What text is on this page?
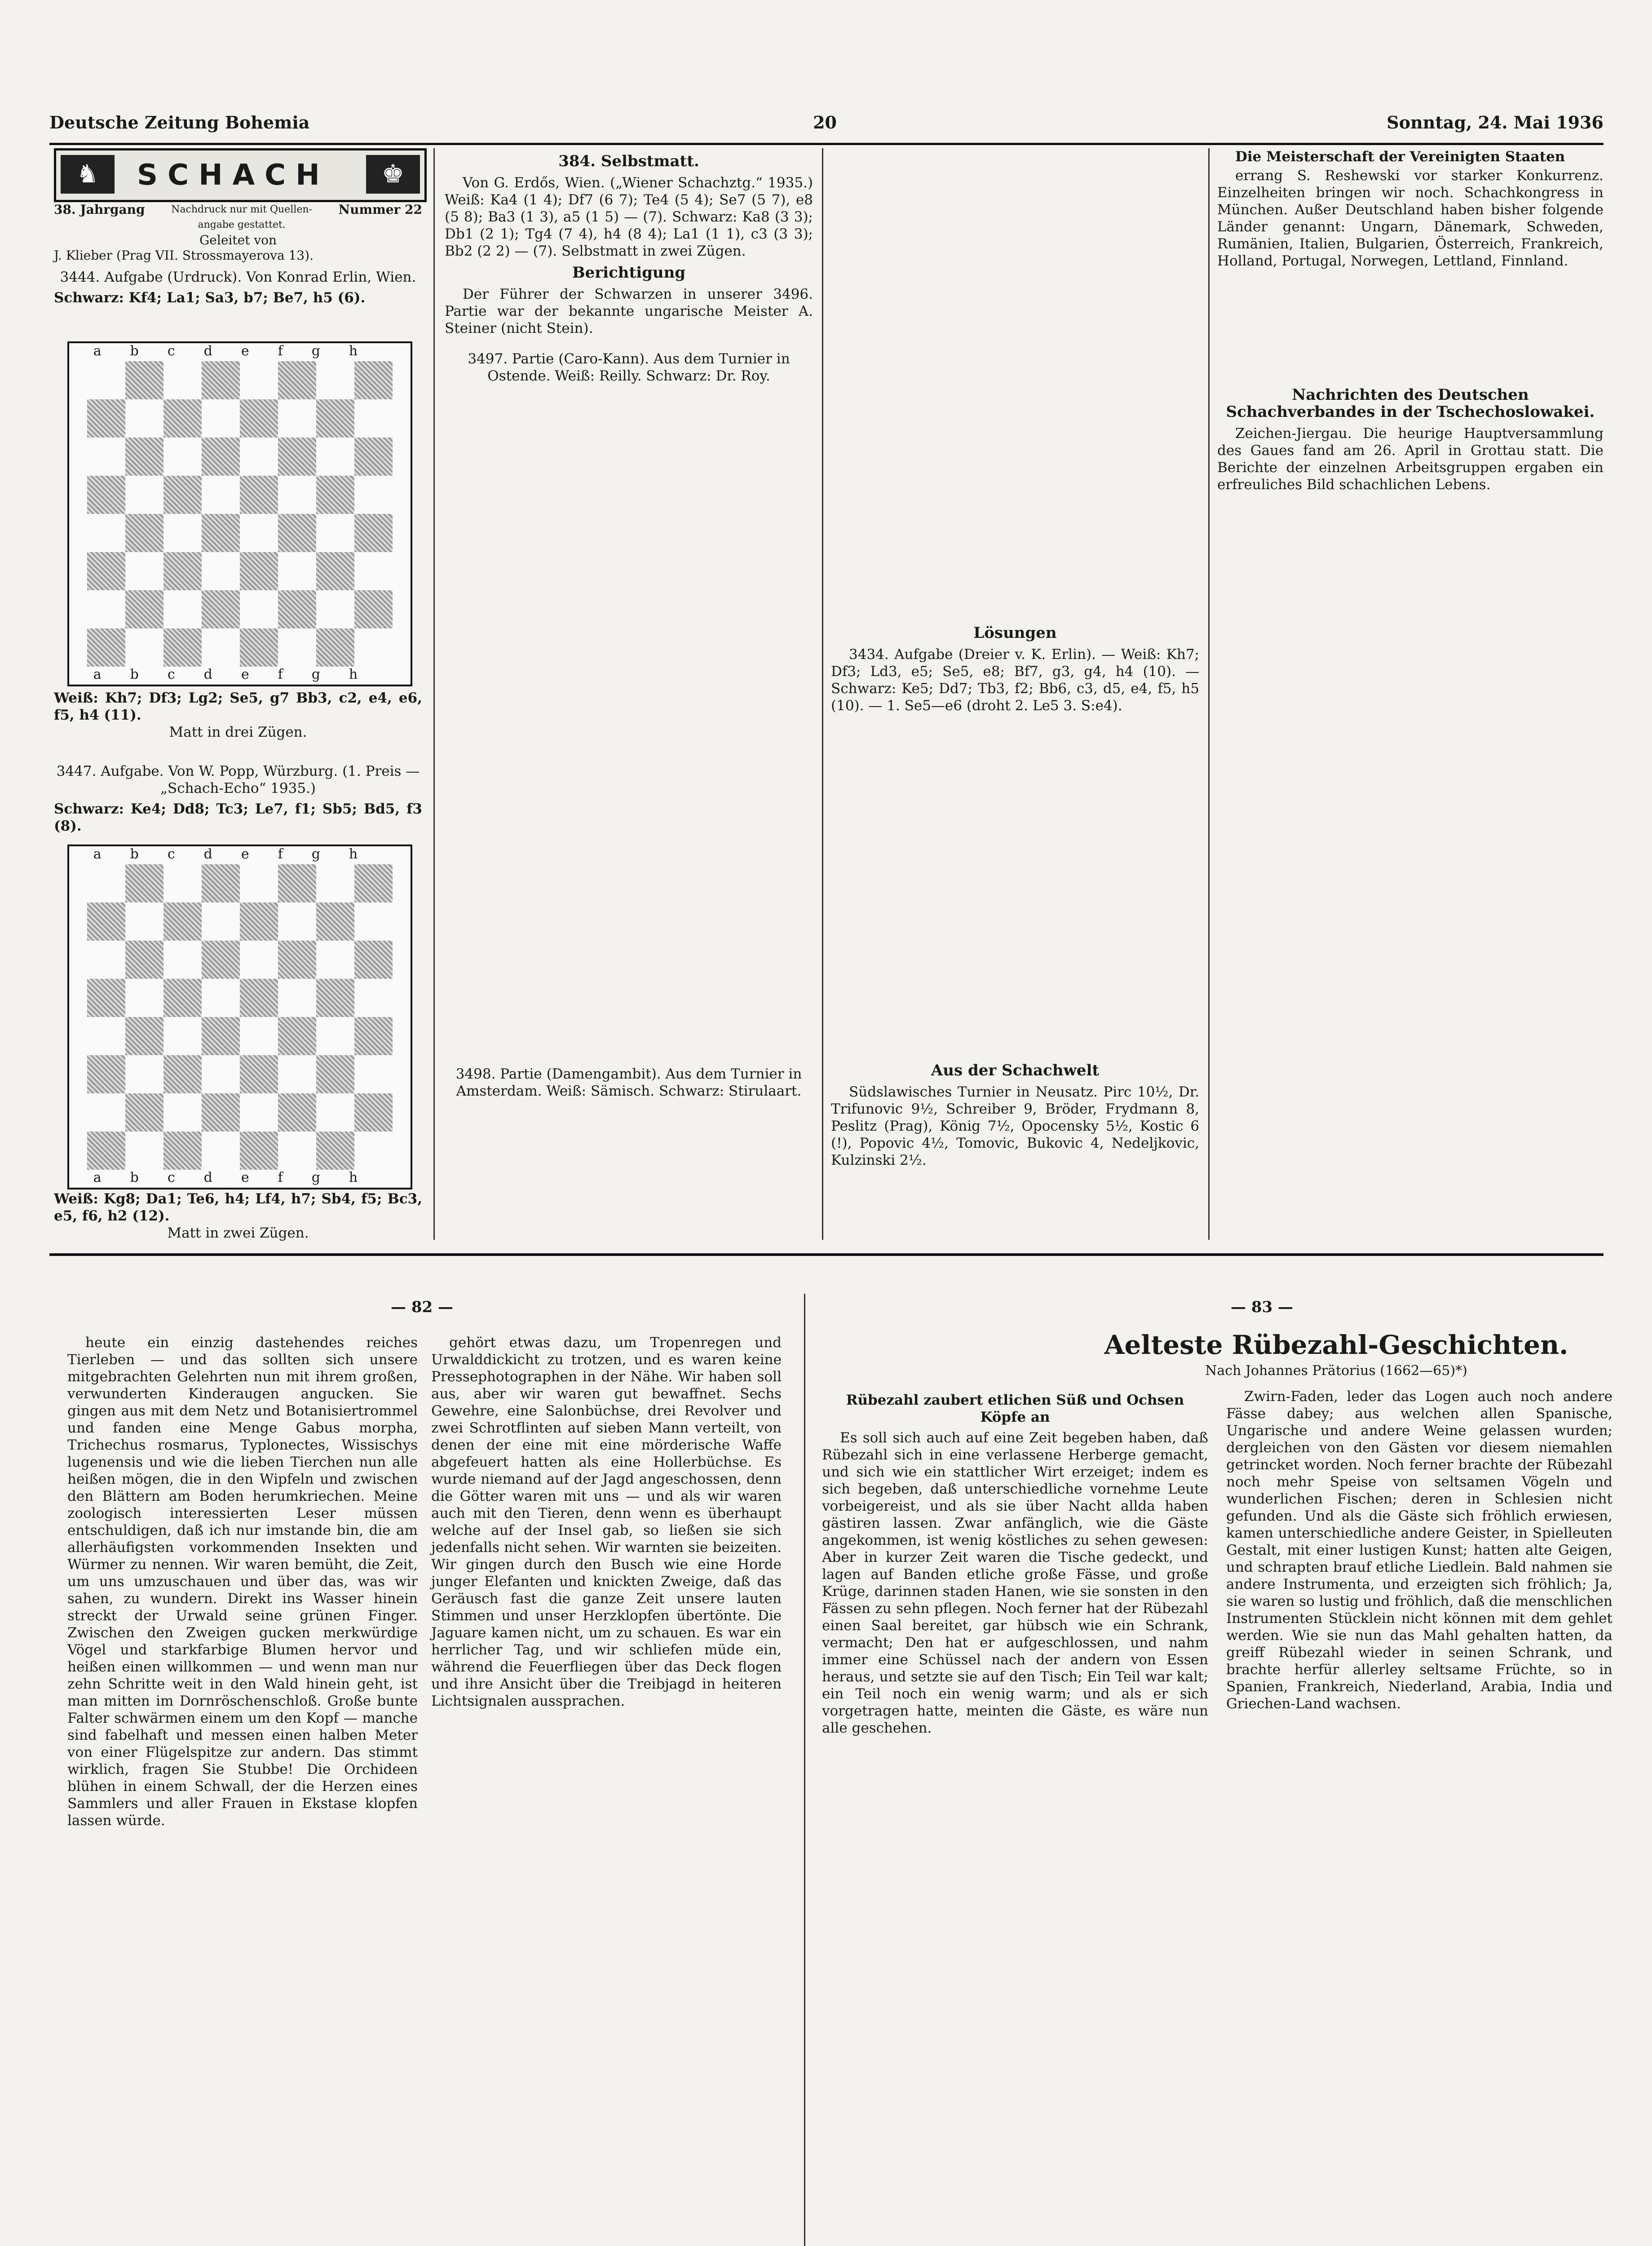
Deutsche Zeitung Bohemia	20	Sonntag, 24. Mai 1936
♞	SCHACH	♚
38. Jahrgang	Nachdruck nur mit Quellen-angabe gestattet.
Nummer 22
Geleitet von
J. Klieber (Prag VII. Strossmayerova 13).
3444. Aufgabe (Urdruck). Von Konrad Erlin, Wien.
Schwarz: Kf4; La1; Sa3, b7; Be7, h5 (6).
abcdefgh
abcdefgh
Weiß: Kh7; Df3; Lg2; Se5, g7 Bb3, c2, e4, e6, f5, h4 (11).
Matt in drei Zügen.
3447. Aufgabe. Von W. Popp, Würzburg. (1. Preis — „Schach-Echo“ 1935.)
Schwarz: Ke4; Dd8; Tc3; Le7, f1; Sb5; Bd5, f3 (8).
abcdefgh
abcdefgh
Weiß: Kg8; Da1; Te6, h4; Lf4, h7; Sb4, f5; Bc3, e5, f6, h2 (12).
Matt in zwei Zügen.
384. Selbstmatt.

Von G. Erdős, Wien. („Wiener Schachztg.“ 1935.) Weiß: Ka4 (1 4); Df7 (6 7); Te4 (5 4); Se7 (5 7), e8 (5 8); Ba3 (1 3), a5 (1 5) — (7). Schwarz: Ka8 (3 3); Db1 (2 1); Tg4 (7 4), h4 (8 4); La1 (1 1), c3 (3 3); Bb2 (2 2) — (7). Selbstmatt in zwei Zügen.

Berichtigung

Der Führer der Schwarzen in unserer 3496. Partie war der bekannte ungarische Meister A. Steiner (nicht Stein).

3497. Partie (Caro-Kann). Aus dem Turnier in Ostende. Weiß: Reilly. Schwarz: Dr. Roy.
3498. Partie (Damengambit). Aus dem Turnier in Amsterdam. Weiß: Sämisch. Schwarz: Stirulaart.
Lösungen

3434. Aufgabe (Dreier v. K. Erlin). — Weiß: Kh7; Df3; Ld3, e5; Se5, e8; Bf7, g3, g4, h4 (10). — Schwarz: Ke5; Dd7; Tb3, f2; Bb6, c3, d5, e4, f5, h5 (10). — 1. Se5—e6 (droht 2. Le5 3. S:e4).

Aus der Schachwelt

Südslawisches Turnier in Neusatz. Pirc 10½, Dr. Trifunovic 9½, Schreiber 9, Bröder, Frydmann 8, Peslitz (Prag), König 7½, Opocensky 5½, Kostic 6 (!), Popovic 4½, Tomovic, Bukovic 4, Nedeljkovic, Kulzinski 2½.

Die Meisterschaft der Vereinigten Staaten

errang S. Reshewski vor starker Konkurrenz. Einzelheiten bringen wir noch. Schachkongress in München. Außer Deutschland haben bisher folgende Länder genannt: Ungarn, Dänemark, Schweden, Rumänien, Italien, Bulgarien, Österreich, Frankreich, Holland, Portugal, Norwegen, Lettland, Finnland.

Nachrichten des Deutschen Schachverbandes in der Tschechoslowakei.

Zeichen-Jiergau. Die heurige Hauptversammlung des Gaues fand am 26. April in Grottau statt. Die Berichte der einzelnen Arbeitsgruppen ergaben ein erfreuliches Bild schachlichen Lebens.

— 82 —	— 83 —

heute ein einzig dastehendes reiches Tierleben — und das sollten sich unsere mitgebrachten Gelehrten nun mit ihrem großen, verwunderten Kinderaugen angucken. Sie gingen aus mit dem Netz und Botanisiertrommel und fanden eine Menge Gabus morpha, Trichechus rosmarus, Typlonectes, Wissischys lugenensis und wie die lieben Tierchen nun alle heißen mögen, die in den Wipfeln und zwischen den Blättern am Boden herumkriechen. Meine zoologisch interessierten Leser müssen entschuldigen, daß ich nur imstande bin, die am allerhäufigsten vorkommenden Insekten und Würmer zu nennen. Wir waren bemüht, die Zeit, um uns umzuschauen und über das, was wir sahen, zu wundern. Direkt ins Wasser hinein streckt der Urwald seine grünen Finger. Zwischen den Zweigen gucken merkwürdige Vögel und starkfarbige Blumen hervor und heißen einen willkommen — und wenn man nur zehn Schritte weit in den Wald hinein geht, ist man mitten im Dornröschenschloß. Große bunte Falter schwärmen einem um den Kopf — manche sind fabelhaft und messen einen halben Meter von einer Flügelspitze zur andern. Das stimmt wirklich, fragen Sie Stubbe! Die Orchideen blühen in einem Schwall, der die Herzen eines Sammlers und aller Frauen in Ekstase klopfen lassen würde.

gehört etwas dazu, um Tropenregen und Urwalddickicht zu trotzen, und es waren keine Pressephotographen in der Nähe. Wir haben soll aus, aber wir waren gut bewaffnet. Sechs Gewehre, eine Salonbüchse, drei Revolver und zwei Schrotflinten auf sieben Mann verteilt, von denen der eine mit eine mörderische Waffe abgefeuert hatten als eine Hollerbüchse. Es wurde niemand auf der Jagd angeschossen, denn die Götter waren mit uns — und als wir waren auch mit den Tieren, denn wenn es überhaupt welche auf der Insel gab, so ließen sie sich jedenfalls nicht sehen. Wir warnten sie beizeiten. Wir gingen durch den Busch wie eine Horde junger Elefanten und knickten Zweige, daß das Geräusch fast die ganze Zeit unsere lauten Stimmen und unser Herzklopfen übertönte. Die Jaguare kamen nicht, um zu schauen. Es war ein herrlicher Tag, und wir schliefen müde ein, während die Feuerfliegen über das Deck flogen und ihre Ansicht über die Treibjagd in heiteren Lichtsignalen aussprachen.

Aelteste Rübezahl-Geschichten.
Nach Johannes Prätorius (1662—65)*)
Rübezahl zaubert etlichen Süß und Ochsen Köpfe an

Es soll sich auch auf eine Zeit begeben haben, daß Rübezahl sich in eine verlassene Herberge gemacht, und sich wie ein stattlicher Wirt erzeiget; indem es sich begeben, daß unterschiedliche vornehme Leute vorbeigereist, und als sie über Nacht allda haben gästiren lassen. Zwar anfänglich, wie die Gäste angekommen, ist wenig köstliches zu sehen gewesen: Aber in kurzer Zeit waren die Tische gedeckt, und lagen auf Banden etliche große Fässe, und große Krüge, darinnen staden Hanen, wie sie sonsten in den Fässen zu sehn pflegen. Noch ferner hat der Rübezahl einen Saal bereitet, gar hübsch wie ein Schrank, vermacht; Den hat er aufgeschlossen, und nahm immer eine Schüssel nach der andern von Essen heraus, und setzte sie auf den Tisch; Ein Teil war kalt; ein Teil noch ein wenig warm; und als er sich vorgetragen hatte, meinten die Gäste, es wäre nun alle geschehen.

Zwirn-Faden, leder das Logen auch noch andere Fässe dabey; aus welchen allen Spanische, Ungarische und andere Weine gelassen wurden; dergleichen von den Gästen vor diesem niemahlen getrincket worden. Noch ferner brachte der Rübezahl noch mehr Speise von seltsamen Vögeln und wunderlichen Fischen; deren in Schlesien nicht gefunden. Und als die Gäste sich fröhlich erwiesen, kamen unterschiedliche andere Geister, in Spielleuten Gestalt, mit einer lustigen Kunst; hatten alte Geigen, und schrapten brauf etliche Liedlein. Bald nahmen sie andere Instrumenta, und erzeigten sich fröhlich; Ja, sie waren so lustig und fröhlich, daß die menschlichen Instrumenten Stücklein nicht können mit dem gehlet werden. Wie sie nun das Mahl gehalten hatten, da greiff Rübezahl wieder in seinen Schrank, und brachte herfür allerley seltsame Früchte, so in Spanien, Frankreich, Niederland, Arabia, India und Griechen-Land wachsen.
